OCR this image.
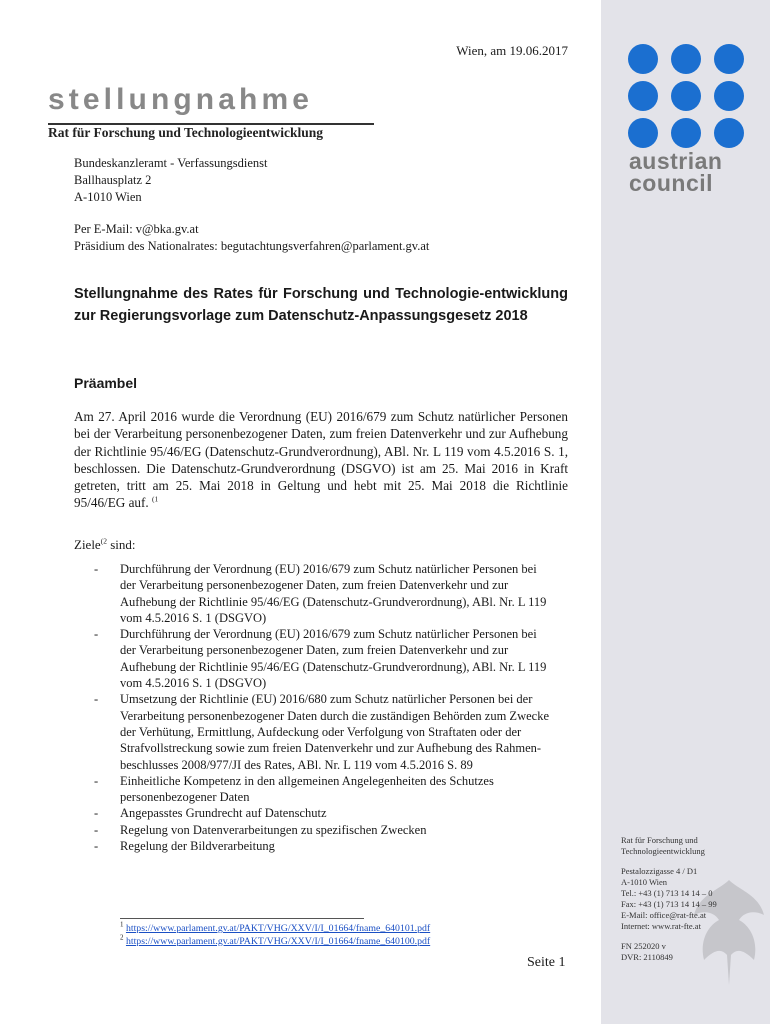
austrian
council
Rat für Forschung und
Technologieentwicklung
Pestalozzigasse 4 / D1
A-1010 Wien
Tel.: +43 (1) 713 14 14 – 0
Fax: +43 (1) 713 14 14 – 99
E-Mail: office@rat-fte.at
Internet: www.rat-fte.at
FN 252020 v
DVR: 2110849
Wien, am 19.06.2017
stellungnahme
Rat für Forschung und Technologieentwicklung
Bundeskanzleramt - Verfassungsdienst
Ballhausplatz 2
A-1010 Wien
Per E-Mail: v@bka.gv.at
Präsidium des Nationalrates: begutachtungsverfahren@parlament.gv.at
Stellungnahme des Rates für Forschung und Technologie-entwicklung zur Regierungsvorlage zum Datenschutz-Anpassungsgesetz 2018
Präambel
Am 27. April 2016 wurde die Verordnung (EU) 2016/679 zum Schutz natürlicher Personen bei der Verarbeitung personenbezogener Daten, zum freien Datenverkehr und zur Aufhebung der Richtlinie 95/46/EG (Datenschutz-Grundverordnung), ABl. Nr. L 119 vom 4.5.2016 S. 1, beschlossen. Die Datenschutz-Grundverordnung (DSGVO) ist am 25. Mai 2016 in Kraft getreten, tritt am 25. Mai 2018 in Geltung und hebt mit 25. Mai 2018 die Richtlinie 95/46/EG auf. $^{(1}$
Ziele$^{(2}$ sind:
- Durchführung der Verordnung (EU) 2016/679 zum Schutz natürlicher Personen bei der Verarbeitung personenbezogener Daten, zum freien Datenverkehr und zur Aufhebung der Richtlinie 95/46/EG (Datenschutz-Grundverordnung), ABl. Nr. L 119 vom 4.5.2016 S. 1 (DSGVO)
- Durchführung der Verordnung (EU) 2016/679 zum Schutz natürlicher Personen bei der Verarbeitung personenbezogener Daten, zum freien Datenverkehr und zur Aufhebung der Richtlinie 95/46/EG (Datenschutz-Grundverordnung), ABl. Nr. L 119 vom 4.5.2016 S. 1 (DSGVO)
- Umsetzung der Richtlinie (EU) 2016/680 zum Schutz natürlicher Personen bei der Verarbeitung personenbezogener Daten durch die zuständigen Behörden zum Zwecke der Verhütung, Ermittlung, Aufdeckung oder Verfolgung von Straftaten oder der Strafvollstreckung sowie zum freien Datenverkehr und zur Aufhebung des Rahmen-beschlusses 2008/977/JI des Rates, ABl. Nr. L 119 vom 4.5.2016 S. 89
- Einheitliche Kompetenz in den allgemeinen Angelegenheiten des Schutzes personenbezogener Daten
- Angepasstes Grundrecht auf Datenschutz
- Regelung von Datenverarbeitungen zu spezifischen Zwecken
- Regelung der Bildverarbeitung
$^1$ https://www.parlament.gv.at/PAKT/VHG/XXV/I/I_01664/fname_640101.pdf
$^2$ https://www.parlament.gv.at/PAKT/VHG/XXV/I/I_01664/fname_640100.pdf
Seite 1
